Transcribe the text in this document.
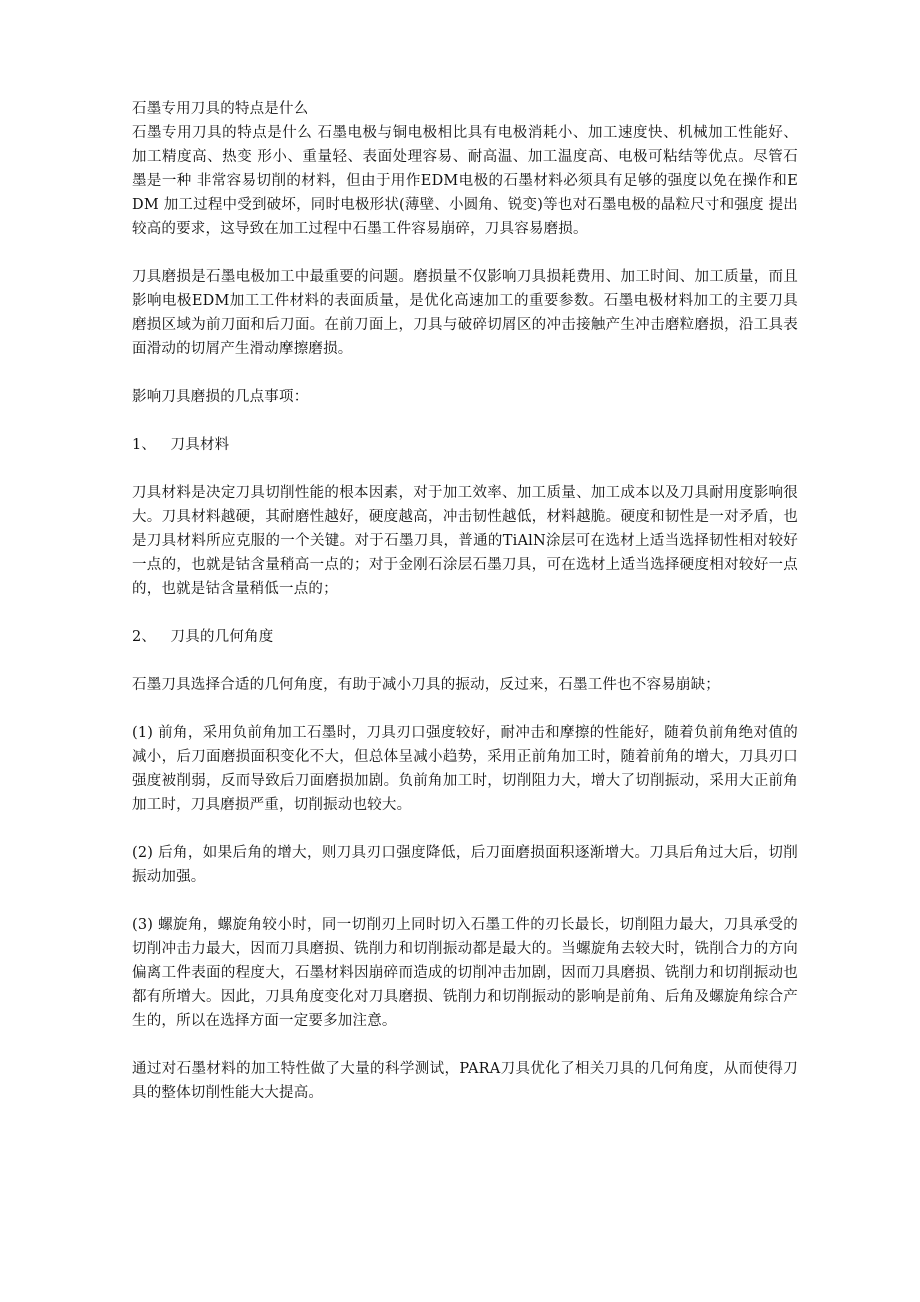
石墨专用刀具的特点是什么

石墨专用刀具的特点是什么 石墨电极与铜电极相比具有电极消耗小、加工速度快、机械加工性能好、加工精度高、热变 形小、重量轻、表面处理容易、耐高温、加工温度高、电极可粘结等优点。尽管石墨是一种 非常容易切削的材料，但由于用作EDM电极的石墨材料必须具有足够的强度以免在操作和EDM 加工过程中受到破坏，同时电极形状(薄壁、小圆角、锐变)等也对石墨电极的晶粒尺寸和强度 提出较高的要求，这导致在加工过程中石墨工件容易崩碎，刀具容易磨损。

刀具磨损是石墨电极加工中最重要的问题。磨损量不仅影响刀具损耗费用、加工时间、加工质量，而且影响电极EDM加工工件材料的表面质量，是优化高速加工的重要参数。石墨电极材料加工的主要刀具磨损区域为前刀面和后刀面。在前刀面上，刀具与破碎切屑区的冲击接触产生冲击磨粒磨损，沿工具表面滑动的切屑产生滑动摩擦磨损。

影响刀具磨损的几点事项：

1、   刀具材料

刀具材料是决定刀具切削性能的根本因素，对于加工效率、加工质量、加工成本以及刀具耐用度影响很大。刀具材料越硬，其耐磨性越好，硬度越高，冲击韧性越低，材料越脆。硬度和韧性是一对矛盾，也是刀具材料所应克服的一个关键。对于石墨刀具，普通的TiAlN涂层可在选材上适当选择韧性相对较好一点的，也就是钴含量稍高一点的；对于金刚石涂层石墨刀具，可在选材上适当选择硬度相对较好一点的，也就是钴含量稍低一点的；

2、   刀具的几何角度

石墨刀具选择合适的几何角度，有助于减小刀具的振动，反过来，石墨工件也不容易崩缺；

(1) 前角，采用负前角加工石墨时，刀具刃口强度较好，耐冲击和摩擦的性能好，随着负前角绝对值的减小，后刀面磨损面积变化不大，但总体呈减小趋势，采用正前角加工时，随着前角的增大，刀具刃口强度被削弱，反而导致后刀面磨损加剧。负前角加工时，切削阻力大，增大了切削振动，采用大正前角加工时，刀具磨损严重，切削振动也较大。

(2) 后角，如果后角的增大，则刀具刃口强度降低，后刀面磨损面积逐渐增大。刀具后角过大后，切削振动加强。

(3) 螺旋角，螺旋角较小时，同一切削刃上同时切入石墨工件的刃长最长，切削阻力最大，刀具承受的切削冲击力最大，因而刀具磨损、铣削力和切削振动都是最大的。当螺旋角去较大时，铣削合力的方向偏离工件表面的程度大，石墨材料因崩碎而造成的切削冲击加剧，因而刀具磨损、铣削力和切削振动也都有所增大。因此，刀具角度变化对刀具磨损、铣削力和切削振动的影响是前角、后角及螺旋角综合产生的，所以在选择方面一定要多加注意。

通过对石墨材料的加工特性做了大量的科学测试，PARA刀具优化了相关刀具的几何角度，从而使得刀具的整体切削性能大大提高。
